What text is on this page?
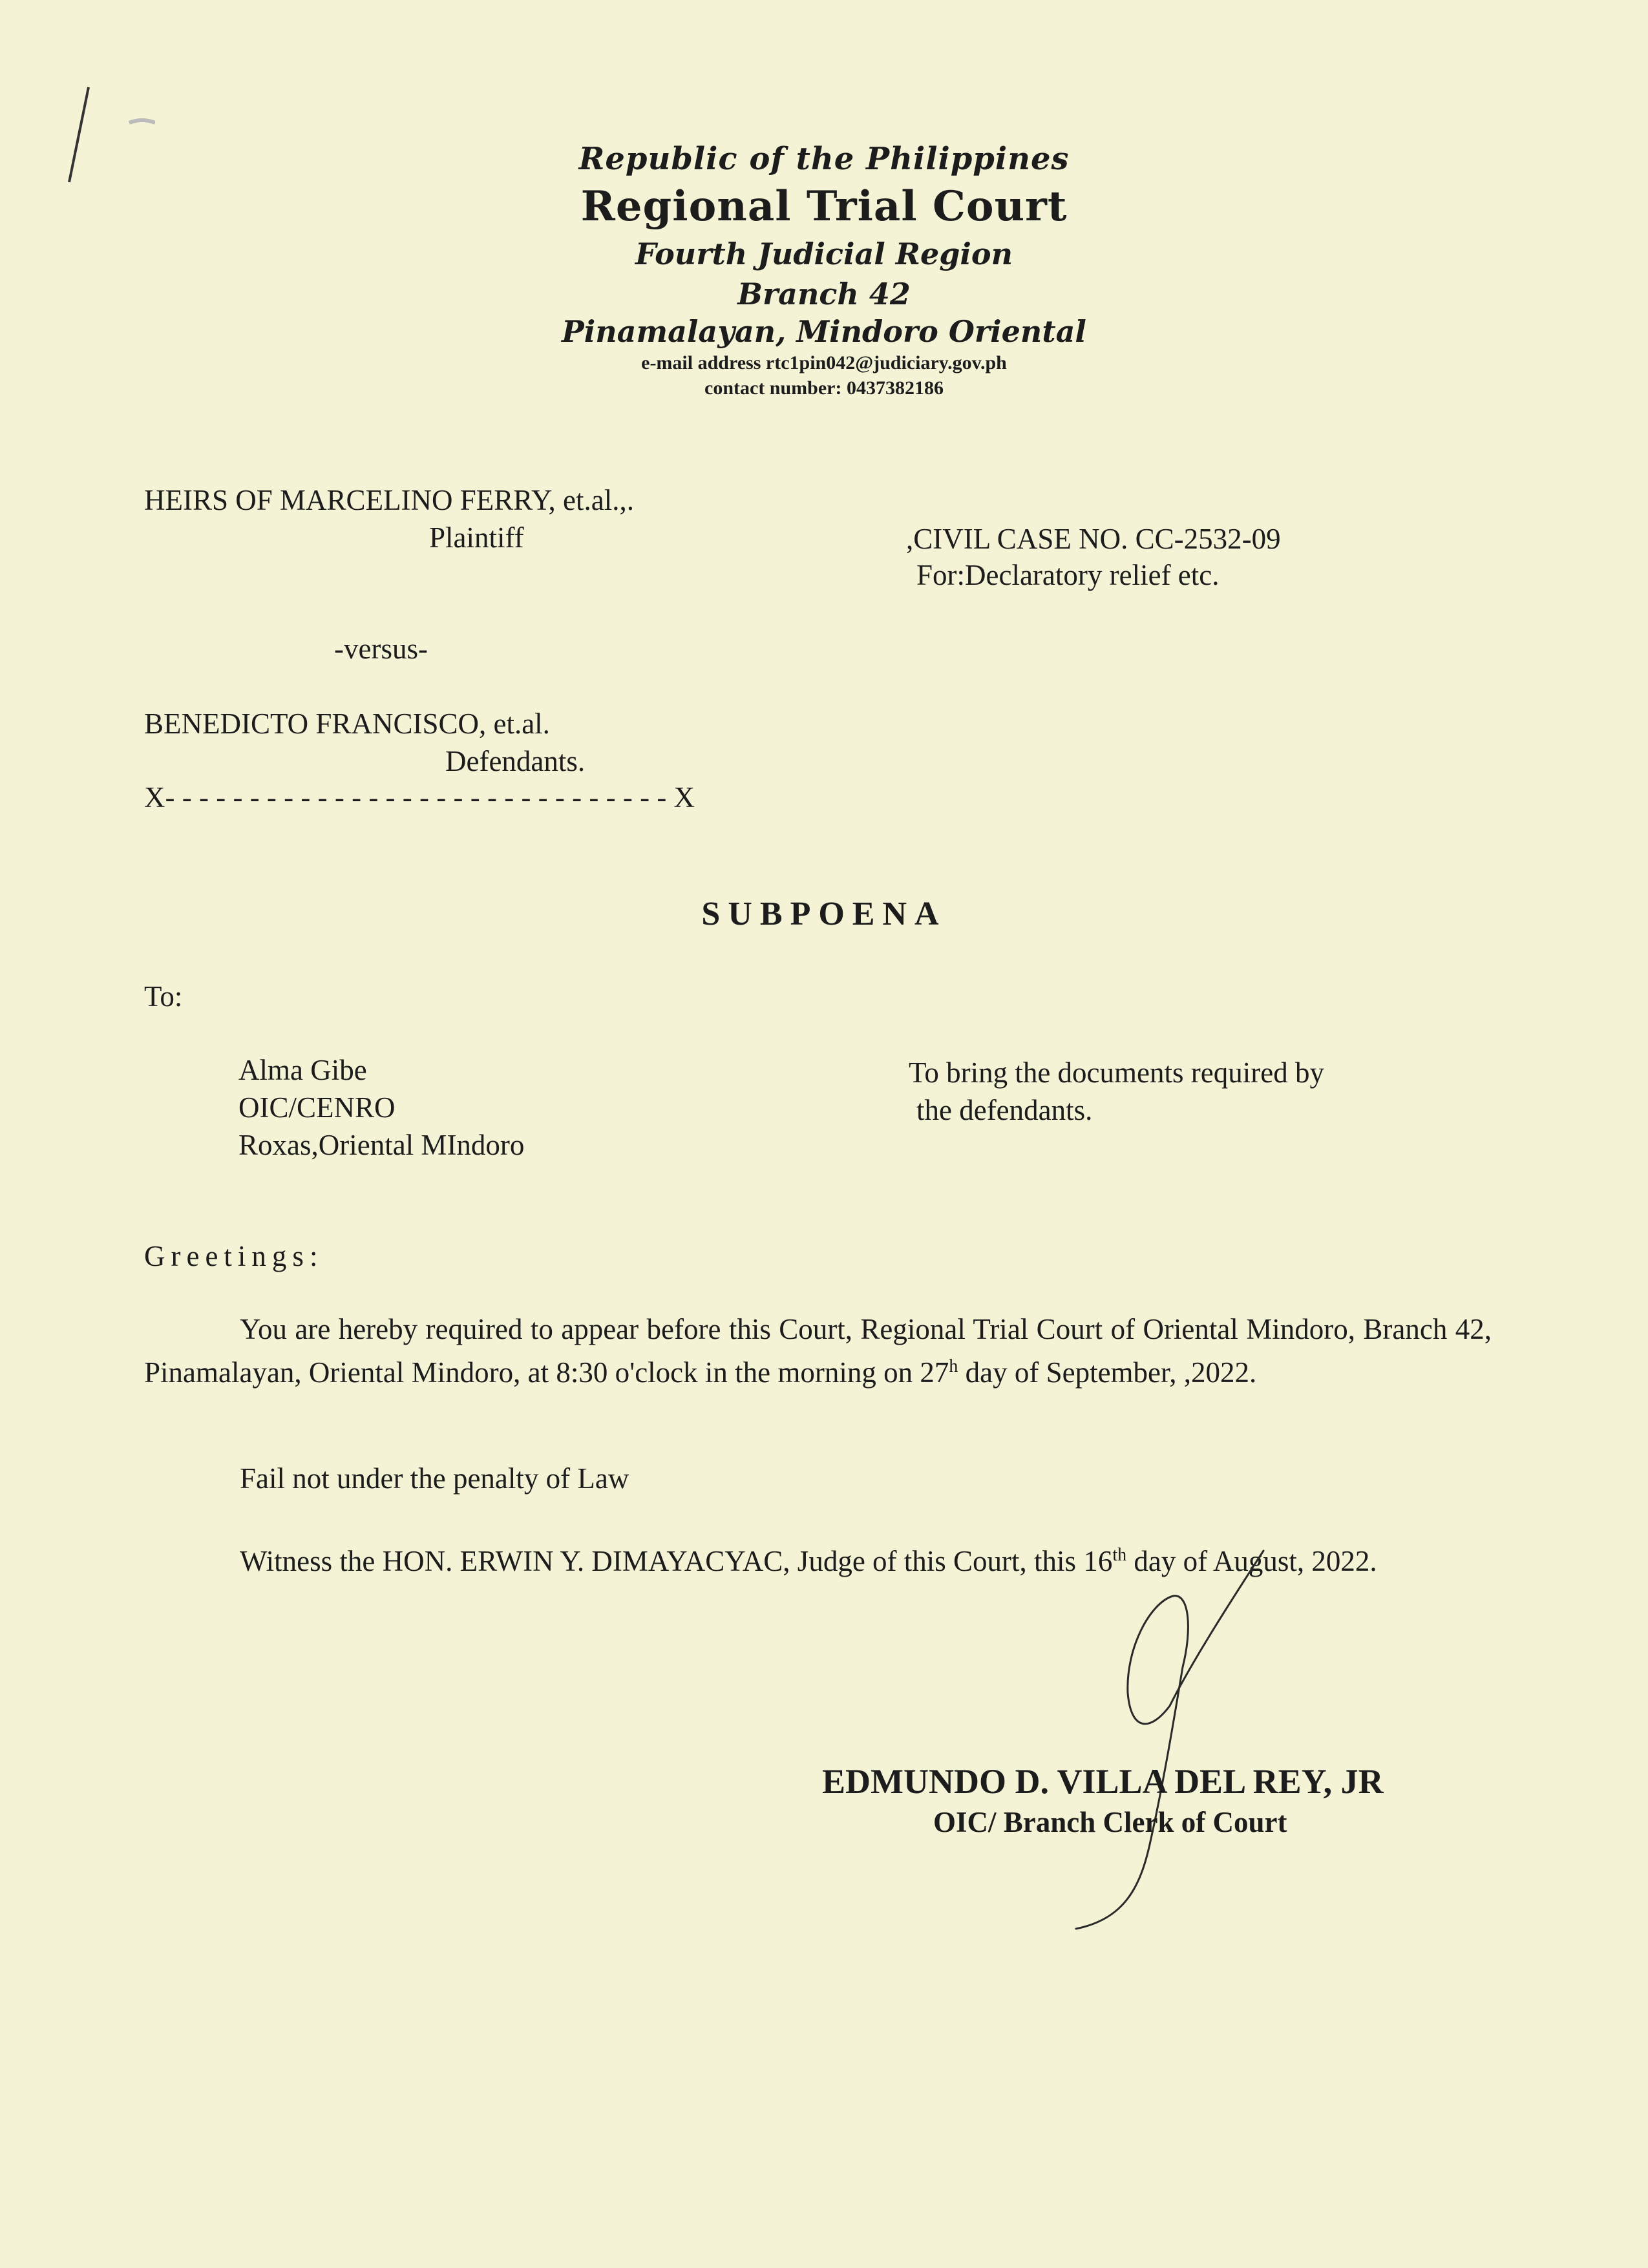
Republic of the Philippines
Regional Trial Court
Fourth Judicial Region
Branch 42
Pinamalayan, Mindoro Oriental
e-mail address rtc1pin042@judiciary.gov.ph
contact number: 0437382186
HEIRS OF MARCELINO FERRY, et.al.,.
Plaintiff	,CIVIL CASE NO. CC-2532-09
For:Declaratory relief etc.
-versus-
BENEDICTO FRANCISCO, et.al.
Defendants.
X- - - - - - - - - - - - - - - - - - - - - - - - - - - - - - X
SUBPOENA
To:
Alma Gibe
OIC/CENRO
Roxas,Oriental MIndoro
To bring the documents required by
the defendants.
Greetings:
You are hereby required to appear before this Court, Regional Trial Court of Oriental Mindoro, Branch 42, Pinamalayan, Oriental Mindoro, at 8:30 o'clock in the morning on 27$^h$ day of September, ,2022.
Fail not under the penalty of Law
Witness the HON. ERWIN Y. DIMAYACYAC, Judge of this Court, this 16th day of August, 2022.
EDMUNDO D. VILLA DEL REY, JR
OIC/ Branch Clerk of Court
